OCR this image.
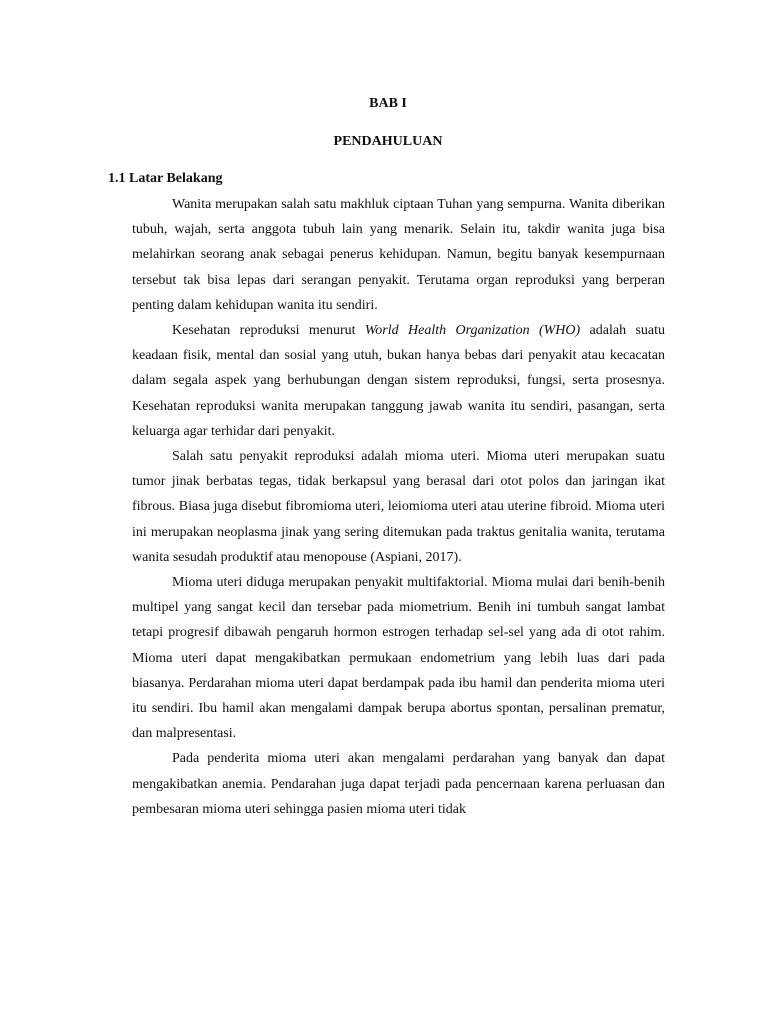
BAB I
PENDAHULUAN
1.1 Latar Belakang

Wanita merupakan salah satu makhluk ciptaan Tuhan yang sempurna. Wanita diberikan tubuh, wajah, serta anggota tubuh lain yang menarik. Selain itu, takdir wanita juga bisa melahirkan seorang anak sebagai penerus kehidupan. Namun, begitu banyak kesempurnaan tersebut tak bisa lepas dari serangan penyakit. Terutama organ reproduksi yang berperan penting dalam kehidupan wanita itu sendiri.

Kesehatan reproduksi menurut World Health Organization (WHO) adalah suatu keadaan fisik, mental dan sosial yang utuh, bukan hanya bebas dari penyakit atau kecacatan dalam segala aspek yang berhubungan dengan sistem reproduksi, fungsi, serta prosesnya. Kesehatan reproduksi wanita merupakan tanggung jawab wanita itu sendiri, pasangan, serta keluarga agar terhidar dari penyakit.

Salah satu penyakit reproduksi adalah mioma uteri. Mioma uteri merupakan suatu tumor jinak berbatas tegas, tidak berkapsul yang berasal dari otot polos dan jaringan ikat fibrous. Biasa juga disebut fibromioma uteri, leiomioma uteri atau uterine fibroid. Mioma uteri ini merupakan neoplasma jinak yang sering ditemukan pada traktus genitalia wanita, terutama wanita sesudah produktif atau menopouse (Aspiani, 2017).

Mioma uteri diduga merupakan penyakit multifaktorial. Mioma mulai dari benih-benih multipel yang sangat kecil dan tersebar pada miometrium. Benih ini tumbuh sangat lambat tetapi progresif dibawah pengaruh hormon estrogen terhadap sel-sel yang ada di otot rahim. Mioma uteri dapat mengakibatkan permukaan endometrium yang lebih luas dari pada biasanya. Perdarahan mioma uteri dapat berdampak pada ibu hamil dan penderita mioma uteri itu sendiri. Ibu hamil akan mengalami dampak berupa abortus spontan, persalinan prematur, dan malpresentasi.

Pada penderita mioma uteri akan mengalami perdarahan yang banyak dan dapat mengakibatkan anemia. Pendarahan juga dapat terjadi pada pencernaan karena perluasan dan pembesaran mioma uteri sehingga pasien mioma uteri tidak
